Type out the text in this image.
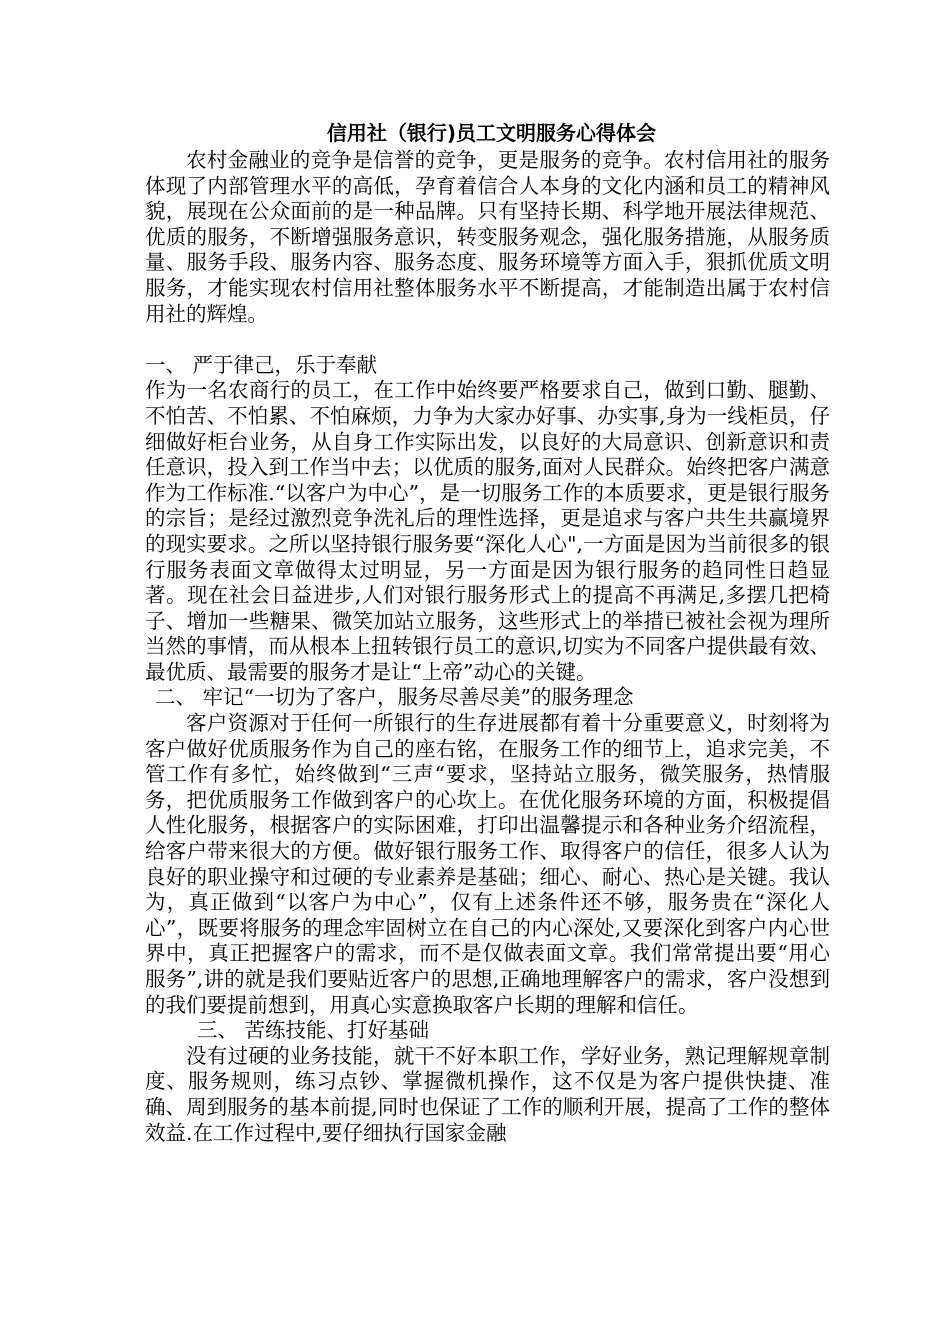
信用社（银行)员工文明服务心得体会

农村金融业的竞争是信誉的竞争，更是服务的竞争。农村信用社的服务体现了内部管理水平的高低，孕育着信合人本身的文化内涵和员工的精神风貌，展现在公众面前的是一种品牌。只有坚持长期、科学地开展法律规范、优质的服务，不断增强服务意识，转变服务观念，强化服务措施，从服务质量、服务手段、服务内容、服务态度、服务环境等方面入手，狠抓优质文明服务，才能实现农村信用社整体服务水平不断提高，才能制造出属于农村信用社的辉煌。

一、 严于律己，乐于奉献

作为一名农商行的员工，在工作中始终要严格要求自己，做到口勤、腿勤、不怕苦、不怕累、不怕麻烦，力争为大家办好事、办实事,身为一线柜员，仔细做好柜台业务，从自身工作实际出发，以良好的大局意识、创新意识和责任意识，投入到工作当中去；以优质的服务,面对人民群众。始终把客户满意作为工作标准.“以客户为中心”，是一切服务工作的本质要求，更是银行服务的宗旨；是经过激烈竞争洗礼后的理性选择，更是追求与客户共生共赢境界的现实要求。之所以坚持银行服务要“深化人心",一方面是因为当前很多的银行服务表面文章做得太过明显，另一方面是因为银行服务的趋同性日趋显著。现在社会日益进步,人们对银行服务形式上的提高不再满足,多摆几把椅子、增加一些糖果、微笑加站立服务，这些形式上的举措已被社会视为理所当然的事情，而从根本上扭转银行员工的意识,切实为不同客户提供最有效、最优质、最需要的服务才是让“上帝”动心的关键。

二、 牢记“一切为了客户，服务尽善尽美”的服务理念

客户资源对于任何一所银行的生存进展都有着十分重要意义，时刻将为客户做好优质服务作为自己的座右铭，在服务工作的细节上，追求完美，不管工作有多忙，始终做到“三声“要求，坚持站立服务，微笑服务，热情服务，把优质服务工作做到客户的心坎上。在优化服务环境的方面，积极提倡人性化服务，根据客户的实际困难，打印出温馨提示和各种业务介绍流程，给客户带来很大的方便。做好银行服务工作、取得客户的信任，很多人认为良好的职业操守和过硬的专业素养是基础；细心、耐心、热心是关键。我认为，真正做到“以客户为中心”，仅有上述条件还不够，服务贵在“深化人心”，既要将服务的理念牢固树立在自己的内心深处,又要深化到客户内心世界中，真正把握客户的需求，而不是仅做表面文章。我们常常提出要“用心服务”,讲的就是我们要贴近客户的思想,正确地理解客户的需求，客户没想到的我们要提前想到，用真心实意换取客户长期的理解和信任。

三、 苦练技能、打好基础

没有过硬的业务技能，就干不好本职工作，学好业务，熟记理解规章制度、服务规则，练习点钞、掌握微机操作，这不仅是为客户提供快捷、准确、周到服务的基本前提,同时也保证了工作的顺利开展，提高了工作的整体效益.在工作过程中,要仔细执行国家金融
